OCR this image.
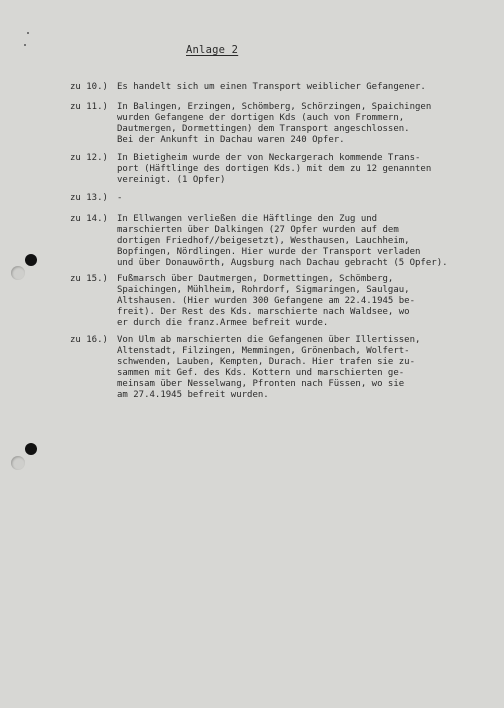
Anlage 2
zu 10.) Es handelt sich um einen Transport weiblicher Gefangener.
zu 11.) In Balingen, Erzingen, Schömberg, Schörzingen, Spaichingen
wurden Gefangene der dortigen Kds (auch von Frommern,
Dautmergen, Dormettingen) dem Transport angeschlossen.
Bei der Ankunft in Dachau waren 240 Opfer.
zu 12.) In Bietigheim wurde der von Neckargerach kommende Trans-
port (Häftlinge des dortigen Kds.) mit dem zu 12 genannten
vereinigt. (1 Opfer)
zu 13.) -
zu 14.) In Ellwangen verließen die Häftlinge den Zug und
marschierten über Dalkingen (27 Opfer wurden auf dem
dortigen Friedhof//beigesetzt), Westhausen, Lauchheim,
Bopfingen, Nördlingen. Hier wurde der Transport verladen
und über Donauwörth, Augsburg nach Dachau gebracht (5 Opfer).
zu 15.) Fußmarsch über Dautmergen, Dormettingen, Schömberg,
Spaichingen, Mühlheim, Rohrdorf, Sigmaringen, Saulgau,
Altshausen. (Hier wurden 300 Gefangene am 22.4.1945 be-
freit). Der Rest des Kds. marschierte nach Waldsee, wo
er durch die franz.Armee befreit wurde.
zu 16.) Von Ulm ab marschierten die Gefangenen über Illertissen,
Altenstadt, Filzingen, Memmingen, Grönenbach, Wolfert-
schwenden, Lauben, Kempten, Durach. Hier trafen sie zu-
sammen mit Gef. des Kds. Kottern und marschierten ge-
meinsam über Nesselwang, Pfronten nach Füssen, wo sie
am 27.4.1945 befreit wurden.
